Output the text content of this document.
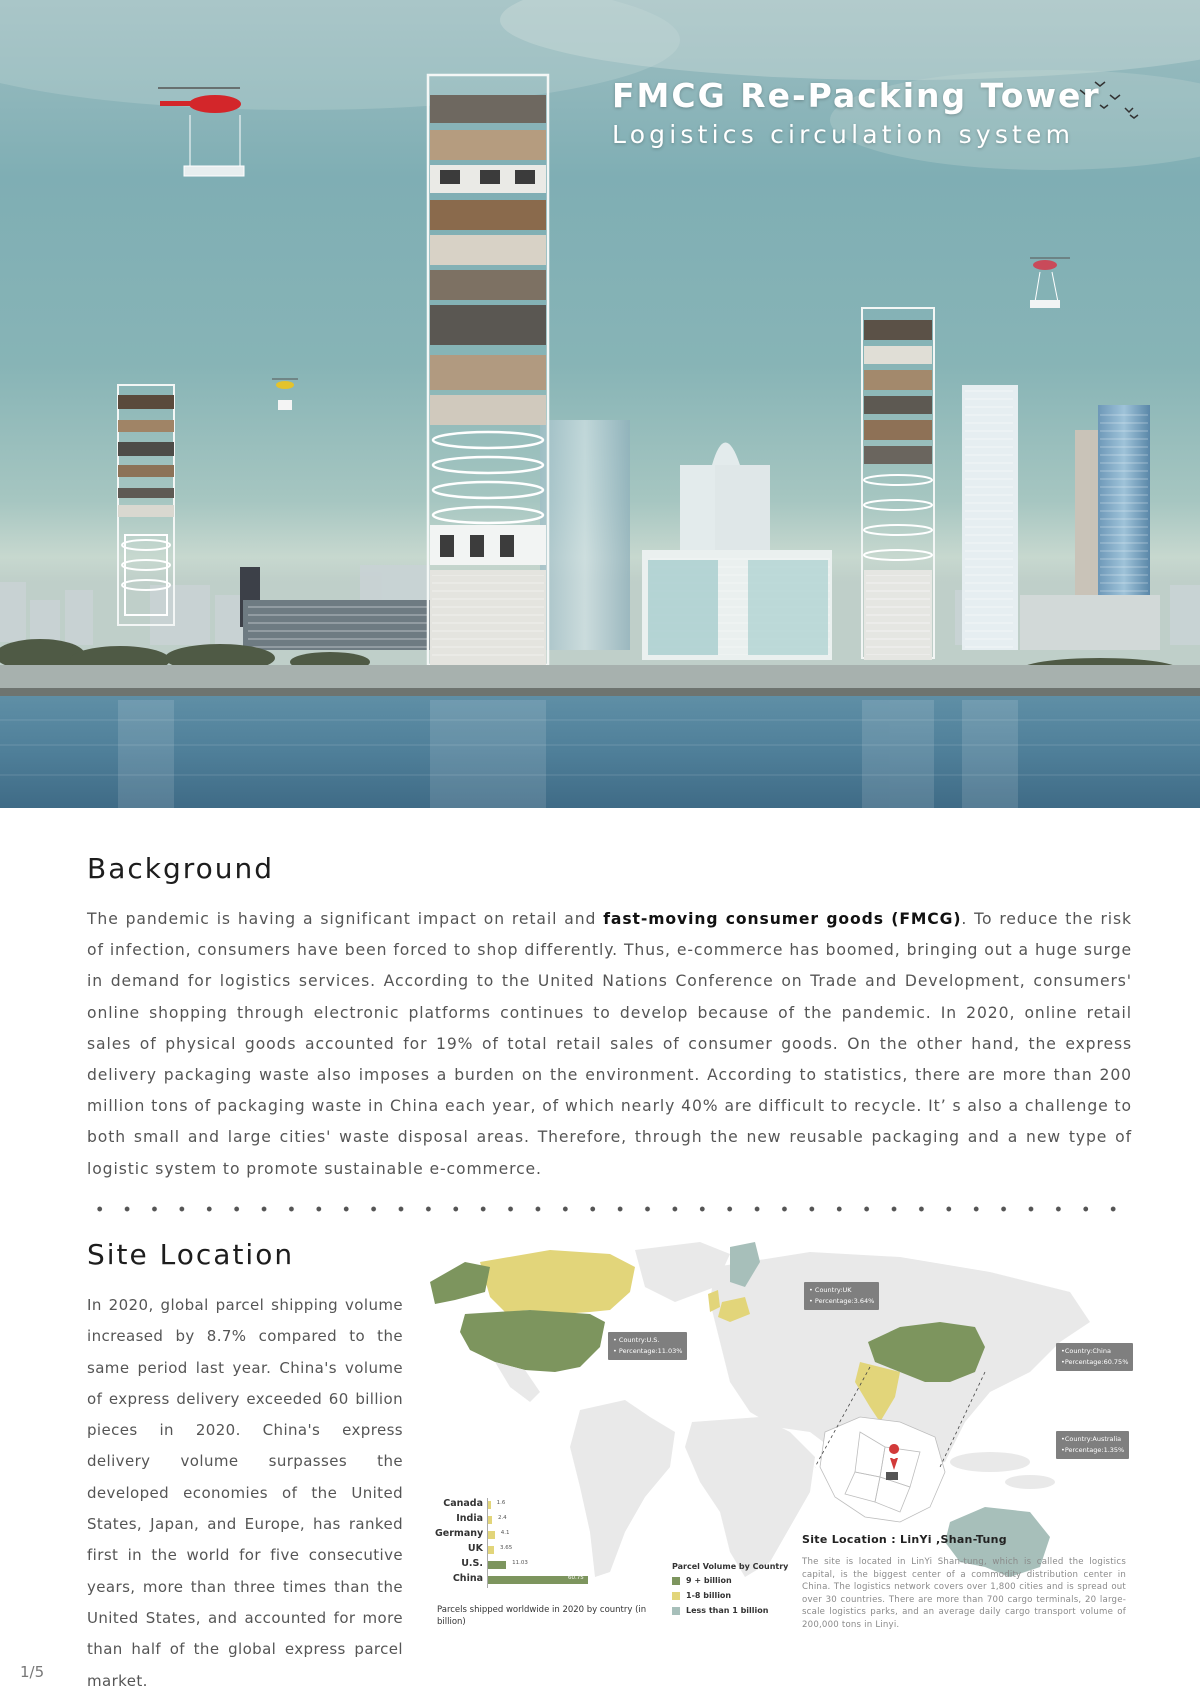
FMCG Re-Packing Tower
Logistics circulation system
Background

The pandemic is having a significant impact on retail and fast-moving consumer goods (FMCG). To reduce the risk of infection, consumers have been forced to shop differently. Thus, e-commerce has boomed, bringing out a huge surge in demand for logistics services. According to the United Nations Conference on Trade and Development, consumers' online shopping through electronic platforms continues to develop because of the pandemic. In 2020, online retail sales of physical goods accounted for 19% of total retail sales of consumer goods. On the other hand, the express delivery packaging waste also imposes a burden on the environment. According to statistics, there are more than 200 million tons of packaging waste in China each year, of which nearly 40% are difficult to recycle. It’ s also a challenge to both small and large cities' waste disposal areas. Therefore, through the new reusable packaging and a new type of logistic system to promote sustainable e-commerce.

Site Location

In 2020, global parcel shipping volume increased by 8.7% compared to the same period last year. China's volume of express delivery exceeded 60 billion pieces in 2020. China's express delivery volume surpasses the developed economies of the United States, Japan, and Europe, has ranked first in the world for five consecutive years, more than three times than the United States, and accounted for more than half of the global express parcel market.

• Country:U.S.
• Percentage:11.03%
• Country:UK
• Percentage:3.64%
•Country:China
•Percentage:60.75%
•Country:Australia
•Percentage:1.35%
Canada 1.6
India	2.4
Germany	4.1
UK	3.65
U.S.	11.03
China	60.75
Parcels shipped worldwide in 2020 by country (in billion)
Parcel Volume by Country
9 + billion
1-8 billion
Less than 1 billion
Site Location : LinYi ,Shan-Tung

The site is located in LinYi Shan-tung, which is called the logistics capital, is the biggest center of a commodity distribution center in China. The logistics network covers over 1,800 cities and is spread out over 30 countries. There are more than 700 cargo terminals, 20 large-scale logistics parks, and an average daily cargo transport volume of 200,000 tons in Linyi.

1/5
